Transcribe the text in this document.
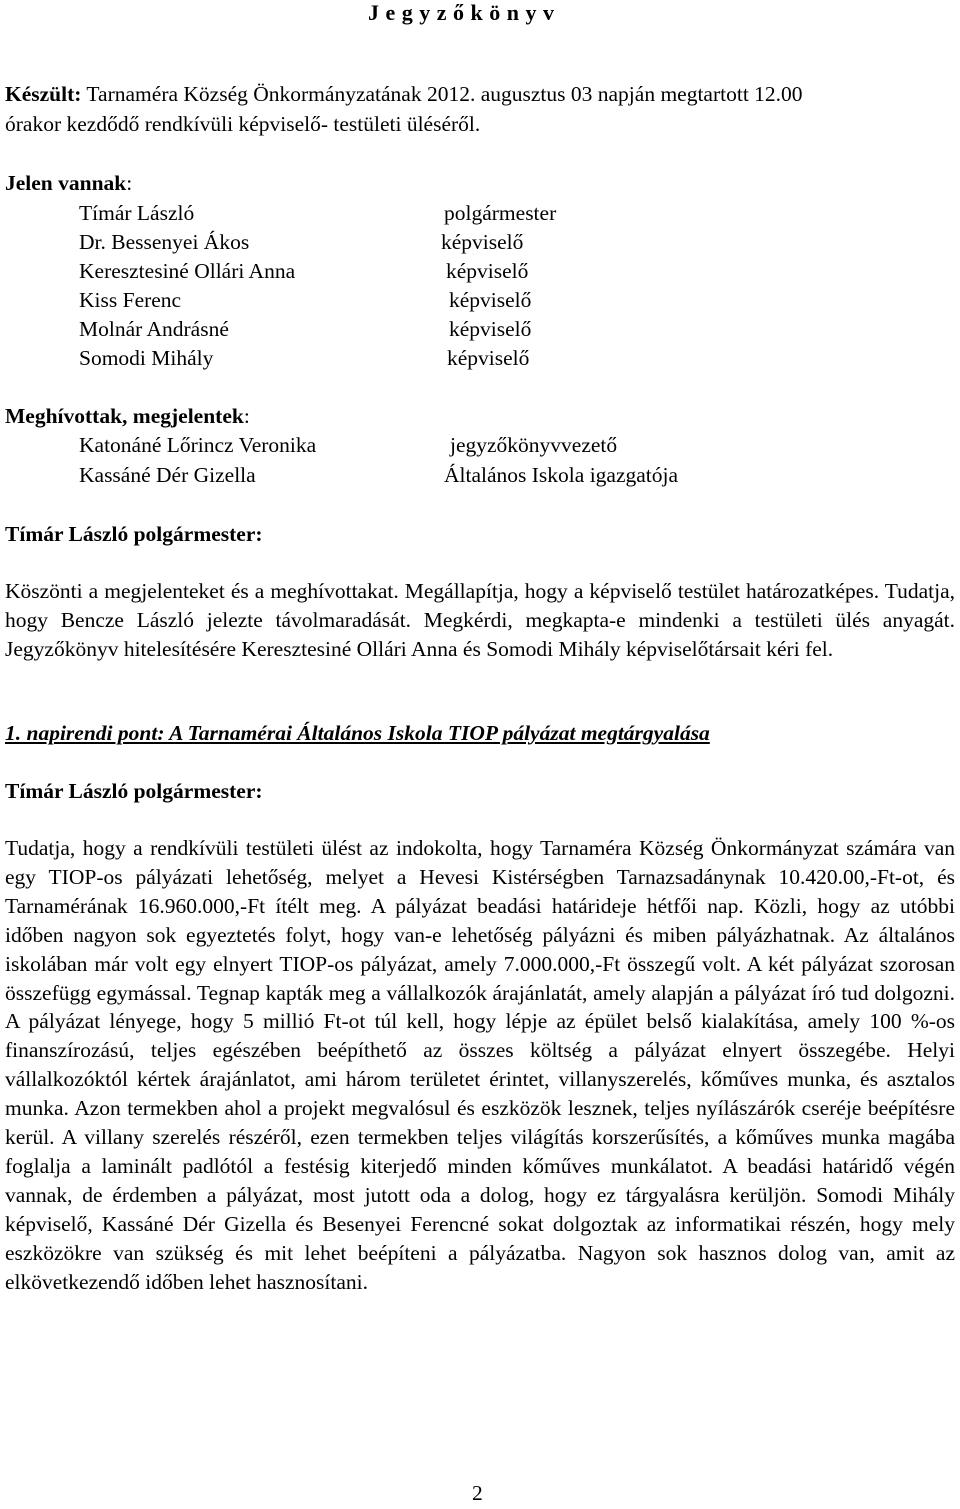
J e g y z ő k ö n y v
Készült: Tarnaméra Község Önkormányzatának 2012. augusztus 03 napján megtartott 12.00
órakor kezdődő rendkívüli képviselő- testületi üléséről.
Jelen vannak:
Tímár László	polgármester
Dr. Bessenyei Ákos	képviselő
Keresztesiné Ollári Anna	képviselő
Kiss Ferenc	képviselő
Molnár Andrásné	képviselő
Somodi Mihály	képviselő
Meghívottak, megjelentek:
Katonáné Lőrincz Veronika	jegyzőkönyvvezető
Kassáné Dér Gizella	Általános Iskola igazgatója
Tímár László polgármester:
Köszönti a megjelenteket és a meghívottakat. Megállapítja, hogy a képviselő testület határozatképes. Tudatja, hogy Bencze László jelezte távolmaradását. Megkérdi, megkapta-e mindenki a testületi ülés anyagát. Jegyzőkönyv hitelesítésére Keresztesiné Ollári Anna és Somodi Mihály képviselőtársait kéri fel.
1. napirendi pont: A Tarnamérai Általános Iskola TIOP pályázat megtárgyalása
Tímár László polgármester:
Tudatja, hogy a rendkívüli testületi ülést az indokolta, hogy Tarnaméra Község Önkormányzat számára van egy TIOP-os pályázati lehetőség, melyet a Hevesi Kistérségben Tarnazsadánynak 10.420.00,-Ft-ot, és Tarnamérának 16.960.000,-Ft ítélt meg. A pályázat beadási határideje hétfői nap. Közli, hogy az utóbbi időben nagyon sok egyeztetés folyt, hogy van-e lehetőség pályázni és miben pályázhatnak. Az általános iskolában már volt egy elnyert TIOP-os pályázat, amely 7.000.000,-Ft összegű volt. A két pályázat szorosan összefügg egymással. Tegnap kapták meg a vállalkozók árajánlatát, amely alapján a pályázat író tud dolgozni. A pályázat lényege, hogy 5 millió Ft-ot túl kell, hogy lépje az épület belső kialakítása, amely 100 %-os finanszírozású, teljes egészében beépíthető az összes költség a pályázat elnyert összegébe. Helyi vállalkozóktól kértek árajánlatot, ami három területet érintet, villanyszerelés, kőműves munka, és asztalos munka. Azon termekben ahol a projekt megvalósul és eszközök lesznek, teljes nyílászárók cseréje beépítésre kerül. A villany szerelés részéről, ezen termekben teljes világítás korszerűsítés, a kőműves munka magába foglalja a laminált padlótól a festésig kiterjedő minden kőműves munkálatot. A beadási határidő végén vannak, de érdemben a pályázat, most jutott oda a dolog, hogy ez tárgyalásra kerüljön. Somodi Mihály képviselő, Kassáné Dér Gizella és Besenyei Ferencné sokat dolgoztak az informatikai részén, hogy mely eszközökre van szükség és mit lehet beépíteni a pályázatba. Nagyon sok hasznos dolog van, amit az elkövetkezendő időben lehet hasznosítani.
2
